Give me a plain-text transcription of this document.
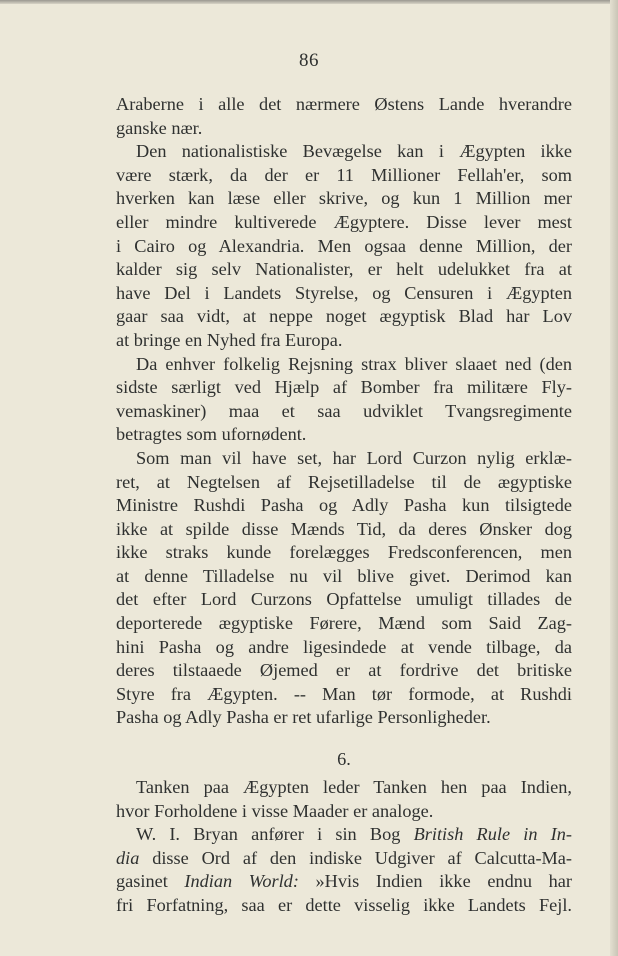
86
Araberne i alle det nærmere Østens Lande hverandre
ganske nær.
Den nationalistiske Bevægelse kan i Ægypten ikke
være stærk, da der er 11 Millioner Fellah'er, som
hverken kan læse eller skrive, og kun 1 Million mer
eller mindre kultiverede Ægyptere. Disse lever mest
i Cairo og Alexandria. Men ogsaa denne Million, der
kalder sig selv Nationalister, er helt udelukket fra at
have Del i Landets Styrelse, og Censuren i Ægypten
gaar saa vidt, at neppe noget ægyptisk Blad har Lov
at bringe en Nyhed fra Europa.
Da enhver folkelig Rejsning strax bliver slaaet ned (den
sidste særligt ved Hjælp af Bomber fra militære Fly-
vemaskiner) maa et saa udviklet Tvangsregimente
betragtes som ufornødent.
Som man vil have set, har Lord Curzon nylig erklæ-
ret, at Negtelsen af Rejsetilladelse til de ægyptiske
Ministre Rushdi Pasha og Adly Pasha kun tilsigtede
ikke at spilde disse Mænds Tid, da deres Ønsker dog
ikke straks kunde forelægges Fredsconferencen, men
at denne Tilladelse nu vil blive givet. Derimod kan
det efter Lord Curzons Opfattelse umuligt tillades de
deporterede ægyptiske Førere, Mænd som Said Zag-
hini Pasha og andre ligesindede at vende tilbage, da
deres tilstaaede Øjemed er at fordrive det britiske
Styre fra Ægypten. -- Man tør formode, at Rushdi
Pasha og Adly Pasha er ret ufarlige Personligheder.
6.
Tanken paa Ægypten leder Tanken hen paa Indien,
hvor Forholdene i visse Maader er analoge.
W. I. Bryan anfører i sin Bog British Rule in In-
dia disse Ord af den indiske Udgiver af Calcutta-Ma-
gasinet Indian World: »Hvis Indien ikke endnu har
fri Forfatning, saa er dette visselig ikke Landets Fejl.
